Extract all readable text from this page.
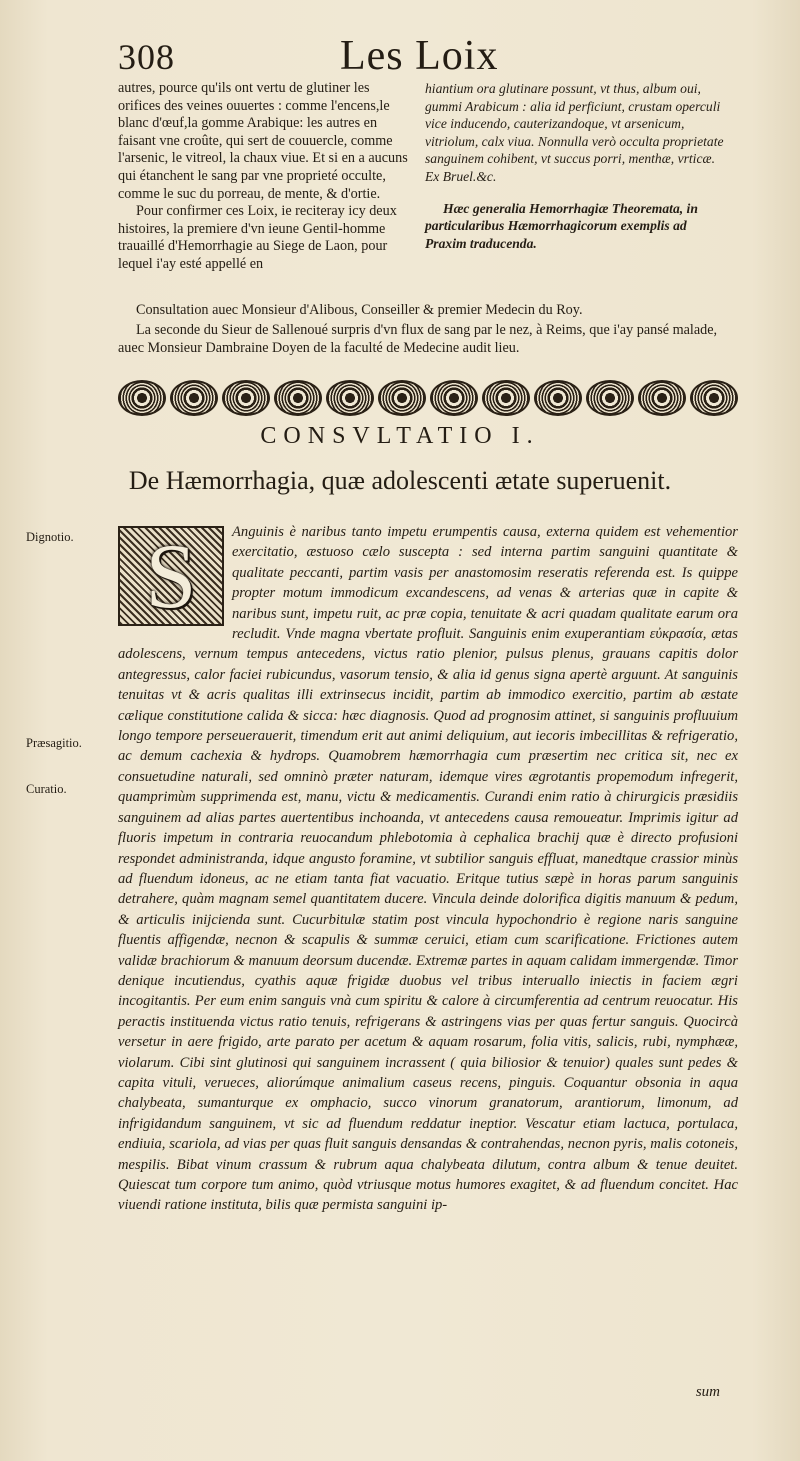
308	Les Loix

autres, pource qu'ils ont vertu de glutiner les orifices des veines ouuertes : comme l'encens,le blanc d'œuf,la gomme Arabique: les autres en faisant vne croûte, qui sert de couuercle, comme l'arsenic, le vitreol, la chaux viue. Et si en a aucuns qui étanchent le sang par vne proprieté occulte, comme le suc du porreau, de mente, & d'ortie.

Pour confirmer ces Loix, ie reciteray icy deux histoires, la premiere d'vn ieune Gentil-homme trauaillé d'Hemorrhagie au Siege de Laon, pour lequel i'ay esté appellé en

hiantium ora glutinare possunt, vt thus, album oui, gummi Arabicum : alia id perficiunt, crustam operculi vice inducendo, cauterizandoque, vt arsenicum, vitriolum, calx viua. Nonnulla verò occulta proprietate sanguinem cohibent, vt succus porri, menthæ, vrticæ. Ex Bruel.&c.

Hæc generalia Hemorrhagiæ Theoremata, in particularibus Hæmorrhagicorum exemplis ad Praxim traducenda.

Consultation auec Monsieur d'Alibous, Conseiller & premier Medecin du Roy.
La seconde du Sieur de Sallenoué surpris d'vn flux de sang par le nez, à Reims, que i'ay pansé malade, auec Monsieur Dambraine Doyen de la faculté de Medecine audit lieu.
CONSVLTATIO I.
De Hæmorrhagia, quæ adolescenti ætate superuenit.
Dignotio.
Præsagitio.
Curatio.
S	Anguinis è naribus tanto impetu erumpentis causa, externa quidem est vehementior exercitatio, æstuoso cælo suscepta : sed interna partim sanguini quantitate & qualitate peccanti, partim vasis per anastomosim reseratis referenda est. Is quippe propter motum immodicum excandescens, ad venas & arterias quæ in capite & naribus sunt, impetu ruit, ac præ copia, tenuitate & acri quadam qualitate earum ora recludit. Vnde magna vbertate profluit. Sanguinis enim exuperantiam εὐκρασία, ætas adolescens, vernum tempus antecedens, victus ratio plenior, pulsus plenus, grauans capitis dolor antegressus, calor faciei rubicundus, vasorum tensio, & alia id genus signa apertè arguunt. At sanguinis tenuitas vt & acris qualitas illi extrinsecus incidit, partim ab immodico exercitio, partim ab æstate cælique constitutione calida & sicca: hæc diagnosis. Quod ad prognosim attinet, si sanguinis profluuium longo tempore perseuerauerit, timendum erit aut animi deliquium, aut iecoris imbecillitas & refrigeratio, ac demum cachexia & hydrops. Quamobrem hæmorrhagia cum præsertim nec critica sit, nec ex consuetudine naturali, sed omninò præter naturam, idemque vires ægrotantis propemodum infregerit, quamprimùm supprimenda est, manu, victu & medicamentis. Curandi enim ratio à chirurgicis præsidiis sanguinem ad alias partes auertentibus inchoanda, vt antecedens causa remoueatur. Imprimis igitur ad fluoris impetum in contraria reuocandum phlebotomia à cephalica brachij quæ è directo profusioni respondet administranda, idque angusto foramine, vt subtilior sanguis effluat, manedtque crassior minùs ad fluendum idoneus, ac ne etiam tanta fiat vacuatio. Eritque tutius sæpè in horas parum sanguinis detrahere, quàm magnam semel quantitatem ducere. Vincula deinde dolorifica digitis manuum & pedum, & articulis inijcienda sunt. Cucurbitulæ statim post vincula hypochondrio è regione naris sanguine fluentis affigendæ, necnon & scapulis & summæ ceruici, etiam cum scarificatione. Frictiones autem validæ brachiorum & manuum deorsum ducendæ. Extremæ partes in aquam calidam immergendæ. Timor denique incutiendus, cyathis aquæ frigidæ duobus vel tribus interuallo iniectis in faciem ægri incogitantis. Per eum enim sanguis vnà cum spiritu & calore à circumferentia ad centrum reuocatur. His peractis instituenda victus ratio tenuis, refrigerans & astringens vias per quas fertur sanguis. Quocircà versetur in aere frigido, arte parato per acetum & aquam rosarum, folia vitis, salicis, rubi, nymphææ, violarum. Cibi sint glutinosi qui sanguinem incrassent ( quia biliosior & tenuior) quales sunt pedes & capita vituli, verueces, aliorúmque animalium caseus recens, pinguis. Coquantur obsonia in aqua chalybeata, sumanturque ex omphacio, succo vinorum granatorum, arantiorum, limonum, ad infrigidandum sanguinem, vt sic ad fluendum reddatur ineptior. Vescatur etiam lactuca, portulaca, endiuia, scariola, ad vias per quas fluit sanguis densandas & contrahendas, necnon pyris, malis cotoneis, mespilis. Bibat vinum crassum & rubrum aqua chalybeata dilutum, contra album & tenue deuitet. Quiescat tum corpore tum animo, quòd vtriusque motus humores exagitet, & ad fluendum concitet. Hac viuendi ratione instituta, bilis quæ permista sanguini ip-

sum
